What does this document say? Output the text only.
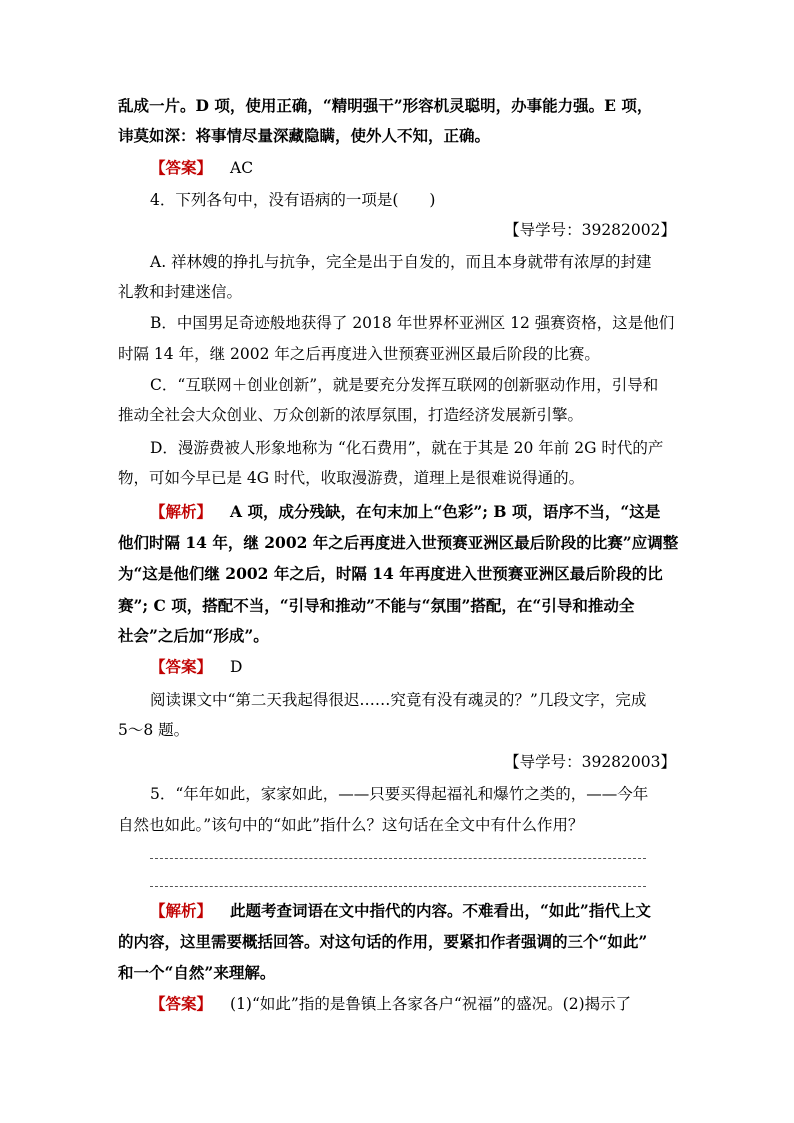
乱成一片。D 项，使用正确，“精明强干”形容机灵聪明，办事能力强。E 项，
讳莫如深：将事情尽量深藏隐瞒，使外人不知，正确。
【答案】 AC
4．下列各句中，没有语病的一项是(　　)
【导学号：39282002】
A. 祥林嫂的挣扎与抗争，完全是出于自发的，而且本身就带有浓厚的封建
礼教和封建迷信。
B．中国男足奇迹般地获得了 2018 年世界杯亚洲区 12 强赛资格，这是他们
时隔 14 年，继 2002 年之后再度进入世预赛亚洲区最后阶段的比赛。
C．“互联网＋创业创新”，就是要充分发挥互联网的创新驱动作用，引导和
推动全社会大众创业、万众创新的浓厚氛围，打造经济发展新引擎。
D．漫游费被人形象地称为 “化石费用”，就在于其是 20 年前 2G 时代的产
物，可如今早已是 4G 时代，收取漫游费，道理上是很难说得通的。
【解析】 A 项，成分残缺，在句末加上“色彩”; B 项，语序不当，“这是
他们时隔 14 年，继 2002 年之后再度进入世预赛亚洲区最后阶段的比赛”应调整
为“这是他们继 2002 年之后，时隔 14 年再度进入世预赛亚洲区最后阶段的比
赛”; C 项，搭配不当，“引导和推动”不能与“氛围”搭配，在“引导和推动全
社会”之后加“形成”。
【答案】 D
阅读课文中“第二天我起得很迟……究竟有没有魂灵的？”几段文字，完成
5～8 题。
【导学号：39282003】
5．“年年如此，家家如此，——只要买得起福礼和爆竹之类的，——今年
自然也如此。”该句中的“如此”指什么？这句话在全文中有什么作用？
【解析】 此题考查词语在文中指代的内容。不难看出，“如此”指代上文
的内容，这里需要概括回答。对这句话的作用，要紧扣作者强调的三个“如此”
和一个“自然”来理解。
【答案】 (1)“如此”指的是鲁镇上各家各户“祝福”的盛况。(2)揭示了
